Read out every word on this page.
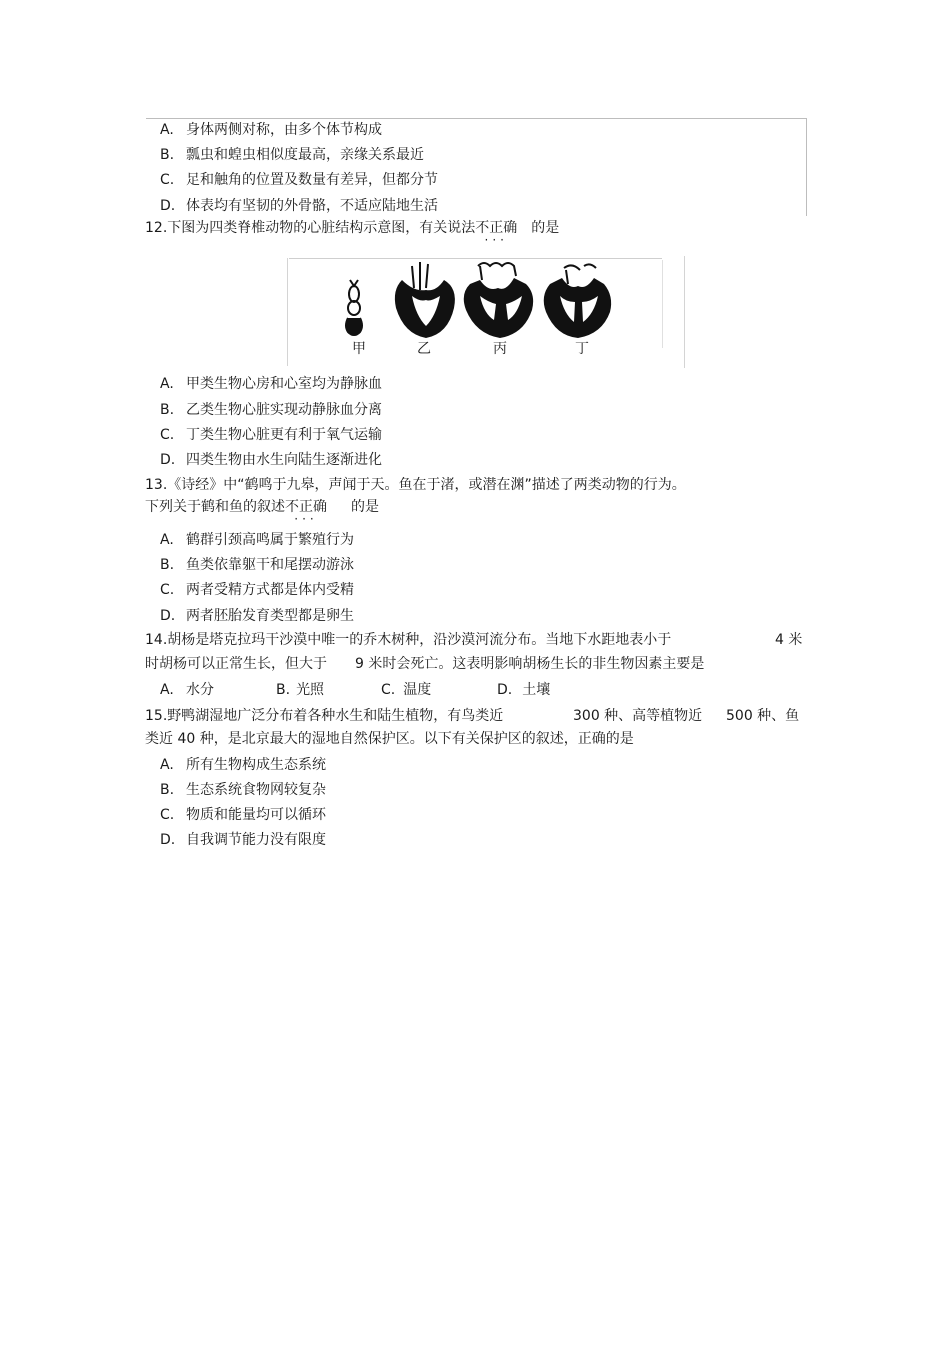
A. 身体两侧对称，由多个体节构成
B. 瓢虫和蝗虫相似度最高，亲缘关系最近
C. 足和触角的位置及数量有差异，但都分节
D. 体表均有坚韧的外骨骼，不适应陆地生活
12.下图为四类脊椎动物的心脏结构示意图，有关说法不正确
···
的是
甲	乙	丙	丁
A. 甲类生物心房和心室均为静脉血
B. 乙类生物心脏实现动静脉血分离
C. 丁类生物心脏更有利于氧气运输
D. 四类生物由水生向陆生逐渐进化
13.《诗经》中“鹤鸣于九皋，声闻于天。鱼在于渚，或潜在渊”描述了两类动物的行为。
下列关于鹤和鱼的叙述不正确
···
的是
A. 鹤群引颈高鸣属于繁殖行为
B. 鱼类依靠躯干和尾摆动游泳
C. 两者受精方式都是体内受精
D. 两者胚胎发育类型都是卵生
14.胡杨是塔克拉玛干沙漠中唯一的乔木树种，沿沙漠河流分布。当地下水距地表小于	4 米
时胡杨可以正常生长，但大于 9 米时会死亡。这表明影响胡杨生长的非生物因素主要是
A. 水分	B. 光照	C. 温度	D. 土壤
15.野鸭湖湿地广泛分布着各种水生和陆生植物，有鸟类近	300 种、高等植物近 500 种、鱼
类近 40 种，是北京最大的湿地自然保护区。以下有关保护区的叙述，正确的是
A. 所有生物构成生态系统
B. 生态系统食物网较复杂
C. 物质和能量均可以循环
D. 自我调节能力没有限度
